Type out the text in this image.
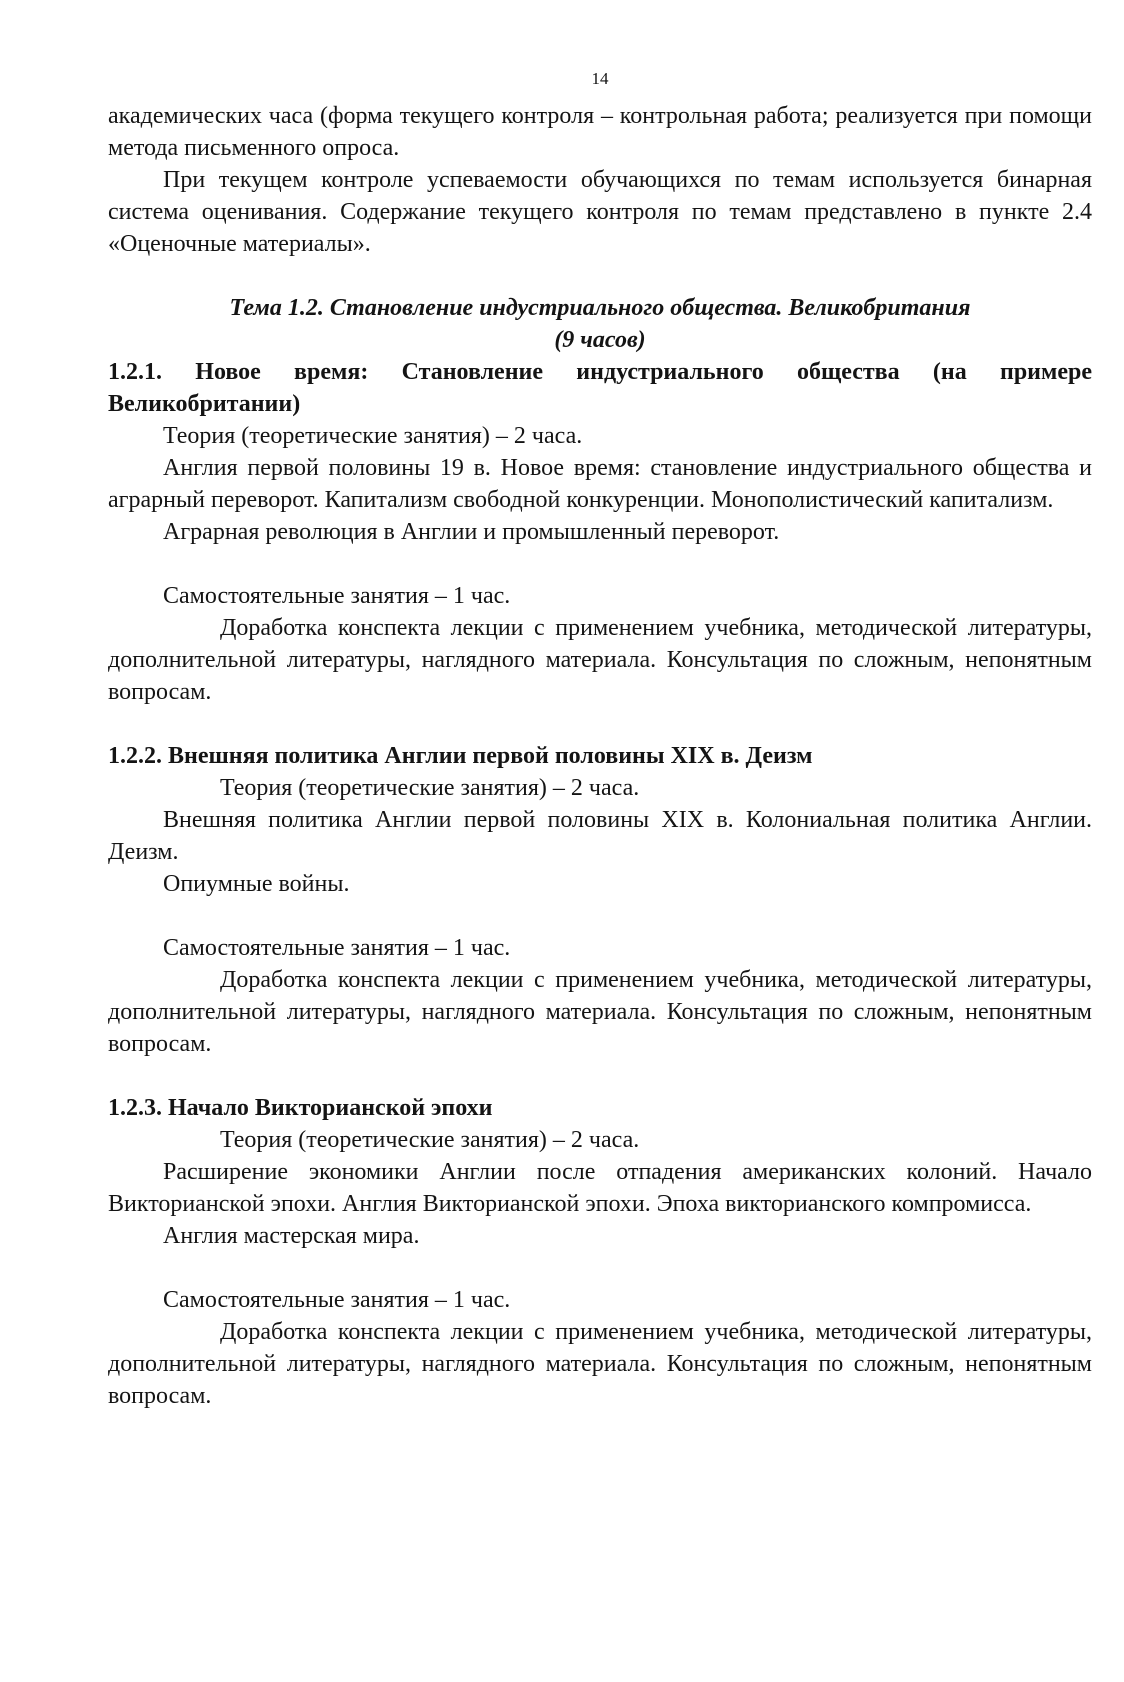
14

академических часа (форма текущего контроля – контрольная работа; реализуется при помощи метода письменного опроса.

При текущем контроле успеваемости обучающихся по темам используется бинарная система оценивания. Содержание текущего контроля по темам представлено в пункте 2.4 «Оценочные материалы».

Тема 1.2. Становление индустриального общества. Великобритания

(9 часов)

1.2.1. Новое время: Становление индустриального общества (на примере Великобритании)

Теория (теоретические занятия) – 2 часа.

Англия первой половины 19 в. Новое время: становление индустриального общества и аграрный переворот. Капитализм свободной конкуренции. Монополистический капитализм.

Аграрная революция в Англии и промышленный переворот.

Самостоятельные занятия – 1 час.

Доработка конспекта лекции с применением учебника, методической литературы, дополнительной литературы, наглядного материала. Консультация по сложным, непонятным вопросам.

1.2.2. Внешняя политика Англии первой половины XIX в. Деизм

Теория (теоретические занятия) – 2 часа.

Внешняя политика Англии первой половины XIX в. Колониальная политика Англии. Деизм.

Опиумные войны.

Самостоятельные занятия – 1 час.

Доработка конспекта лекции с применением учебника, методической литературы, дополнительной литературы, наглядного материала. Консультация по сложным, непонятным вопросам.

1.2.3. Начало Викторианской эпохи

Теория (теоретические занятия) – 2 часа.

Расширение экономики Англии после отпадения американских колоний. Начало Викторианской эпохи. Англия Викторианской эпохи. Эпоха викторианского компромисса.

Англия мастерская мира.

Самостоятельные занятия – 1 час.

Доработка конспекта лекции с применением учебника, методической литературы, дополнительной литературы, наглядного материала. Консультация по сложным, непонятным вопросам.
